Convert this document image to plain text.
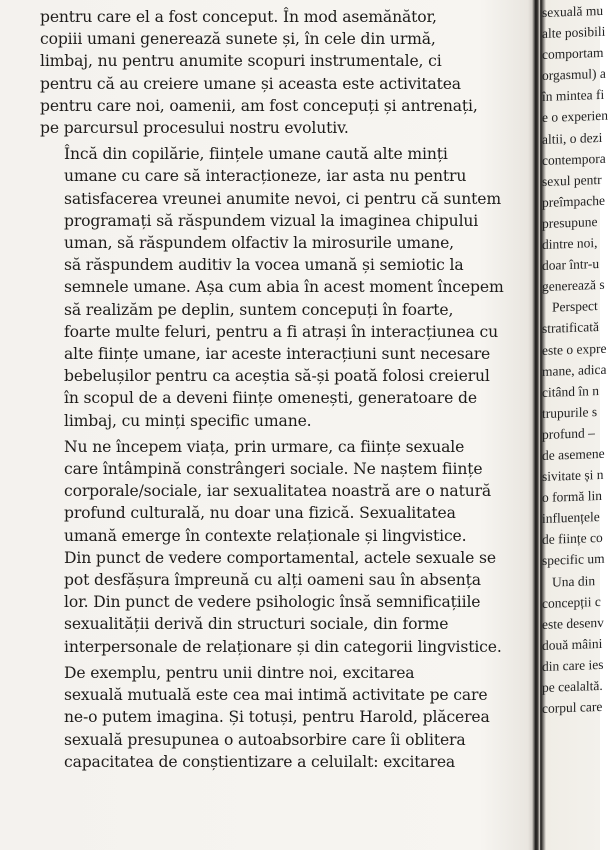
pentru care el a fost conceput. În mod asemănător,
copiii umani generează sunete și, în cele din urmă,
limbaj, nu pentru anumite scopuri instrumentale, ci
pentru că au creiere umane și aceasta este activitatea
pentru care noi, oamenii, am fost concepuți și antrenați,
pe parcursul procesului nostru evolutiv.

Încă din copilărie, ființele umane caută alte minți
umane cu care să interacționeze, iar asta nu pentru
satisfacerea vreunei anumite nevoi, ci pentru că suntem
programați să răspundem vizual la imaginea chipului
uman, să răspundem olfactiv la mirosurile umane,
să răspundem auditiv la vocea umană și semiotic la
semnele umane. Așa cum abia în acest moment începem
să realizăm pe deplin, suntem concepuți în foarte,
foarte multe feluri, pentru a fi atrași în interacțiunea cu
alte ființe umane, iar aceste interacțiuni sunt necesare
bebelușilor pentru ca aceștia să-și poată folosi creierul
în scopul de a deveni ființe omenești, generatoare de
limbaj, cu minți specific umane.

Nu ne începem viața, prin urmare, ca ființe sexuale
care întâmpină constrângeri sociale. Ne naștem ființe
corporale/sociale, iar sexualitatea noastră are o natură
profund culturală, nu doar una fizică. Sexualitatea
umană emerge în contexte relaționale și lingvistice.
Din punct de vedere comportamental, actele sexuale se
pot desfășura împreună cu alți oameni sau în absența
lor. Din punct de vedere psihologic însă semnificațiile
sexualității derivă din structuri sociale, din forme
interpersonale de relaționare și din categorii lingvistice.

De exemplu, pentru unii dintre noi, excitarea
sexuală mutuală este cea mai intimă activitate pe care
ne-o putem imagina. Și totuși, pentru Harold, plăcerea
sexuală presupunea o autoabsorbire care îi oblitera
capacitatea de conștientizare a celuilalt: excitarea

sexuală mu
alte posibili
comportam
orgasmul) a
în mintea fi
e o experien
altii, o dezi
contempora
sexul pentr
preîmpache
presupune
dintre noi,
doar într-u
generează s
Perspect
stratificată
este o expre
mane, adica
citând în n
trupurile s
profund –
de asemene
sivitate și n
o formă lin
influențele
de ființe co
specific um
Una din
concepții c
este desenv
două mâini
din care ies
pe cealaltă.
corpul care
